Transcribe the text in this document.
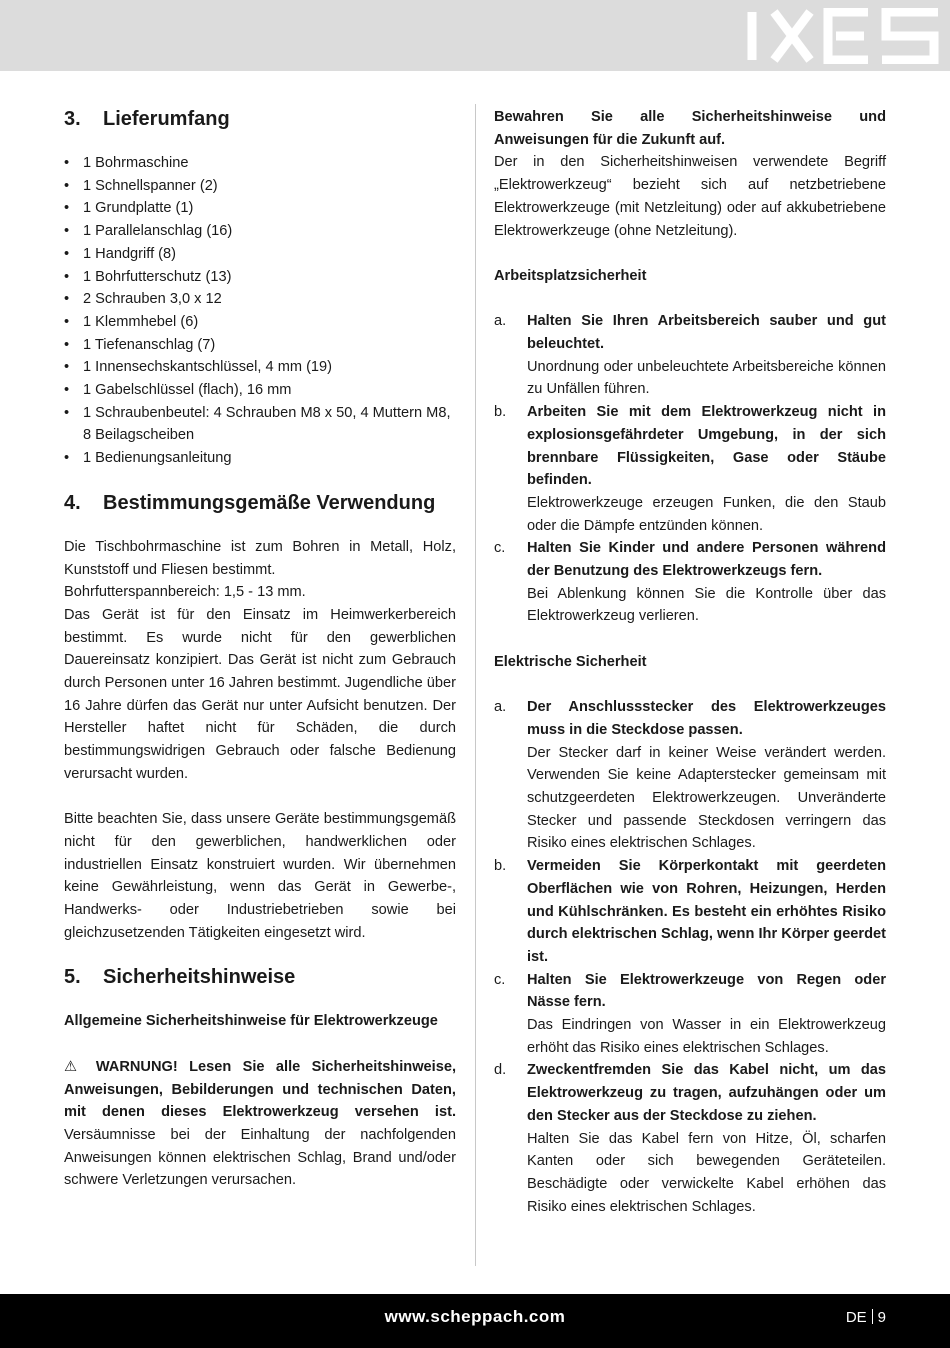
3.	Lieferumfang
• 1 Bohrmaschine
• 1 Schnellspanner (2)
• 1 Grundplatte (1)
• 1 Parallelanschlag (16)
• 1 Handgriff (8)
• 1 Bohrfutterschutz (13)
• 2 Schrauben 3,0 x 12
• 1 Klemmhebel (6)
• 1 Tiefenanschlag (7)
• 1 Innensechskantschlüssel, 4 mm (19)
• 1 Gabelschlüssel (flach), 16 mm
• 1 Schraubenbeutel: 4 Schrauben M8 x 50, 4 Muttern M8, 8 Beilagscheiben
• 1 Bedienungsanleitung
4.	Bestimmungsgemäße Verwendung
Die Tischbohrmaschine ist zum Bohren in Metall, Holz, Kunststoff und Fliesen bestimmt.
Bohrfutterspannbereich: 1,5 - 13 mm.
Das Gerät ist für den Einsatz im Heimwerkerbereich bestimmt. Es wurde nicht für den gewerblichen Dauereinsatz konzipiert. Das Gerät ist nicht zum Gebrauch durch Personen unter 16 Jahren bestimmt. Jugendliche über 16 Jahre dürfen das Gerät nur unter Aufsicht benutzen. Der Hersteller haftet nicht für Schäden, die durch bestimmungswidrigen Gebrauch oder falsche Bedienung verursacht wurden.
Bitte beachten Sie, dass unsere Geräte bestimmungsgemäß nicht für den gewerblichen, handwerklichen oder industriellen Einsatz konstruiert wurden. Wir übernehmen keine Gewährleistung, wenn das Gerät in Gewerbe-, Handwerks- oder Industriebetrieben sowie bei gleichzusetzenden Tätigkeiten eingesetzt wird.
5.	Sicherheitshinweise
Allgemeine Sicherheitshinweise für Elektrowerkzeuge
⚠ WARNUNG! Lesen Sie alle Sicherheitshinweise, Anweisungen, Bebilderungen und technischen Daten, mit denen dieses Elektrowerkzeug versehen ist. Versäumnisse bei der Einhaltung der nachfolgenden Anweisungen können elektrischen Schlag, Brand und/oder schwere Verletzungen verursachen.
Bewahren Sie alle Sicherheitshinweise und Anweisungen für die Zukunft auf.
Der in den Sicherheitshinweisen verwendete Begriff „Elektrowerkzeug“ bezieht sich auf netzbetriebene Elektrowerkzeuge (mit Netzleitung) oder auf akkubetriebene Elektrowerkzeuge (ohne Netzleitung).
Arbeitsplatzsicherheit
a.	Halten Sie Ihren Arbeitsbereich sauber und gut beleuchtet.
Unordnung oder unbeleuchtete Arbeitsbereiche können zu Unfällen führen.
b.	Arbeiten Sie mit dem Elektrowerkzeug nicht in explosionsgefährdeter Umgebung, in der sich brennbare Flüssigkeiten, Gase oder Stäube befinden.
Elektrowerkzeuge erzeugen Funken, die den Staub oder die Dämpfe entzünden können.
c.	Halten Sie Kinder und andere Personen während der Benutzung des Elektrowerkzeugs fern.
Bei Ablenkung können Sie die Kontrolle über das Elektrowerkzeug verlieren.
Elektrische Sicherheit
a.	Der Anschlussstecker des Elektrowerkzeuges muss in die Steckdose passen.
Der Stecker darf in keiner Weise verändert werden. Verwenden Sie keine Adapterstecker gemeinsam mit schutzgeerdeten Elektrowerkzeugen. Unveränderte Stecker und passende Steckdosen verringern das Risiko eines elektrischen Schlages.
b.	Vermeiden Sie Körperkontakt mit geerdeten Oberflächen wie von Rohren, Heizungen, Herden und Kühlschränken. Es besteht ein erhöhtes Risiko durch elektrischen Schlag, wenn Ihr Körper geerdet ist.
c.	Halten Sie Elektrowerkzeuge von Regen oder Nässe fern.
Das Eindringen von Wasser in ein Elektrowerkzeug erhöht das Risiko eines elektrischen Schlages.
d.	Zweckentfremden Sie das Kabel nicht, um das Elektrowerkzeug zu tragen, aufzuhängen oder um den Stecker aus der Steckdose zu ziehen.
Halten Sie das Kabel fern von Hitze, Öl, scharfen Kanten oder sich bewegenden Geräteteilen. Beschädigte oder verwickelte Kabel erhöhen das Risiko eines elektrischen Schlages.
www.scheppach.com	DE 9
